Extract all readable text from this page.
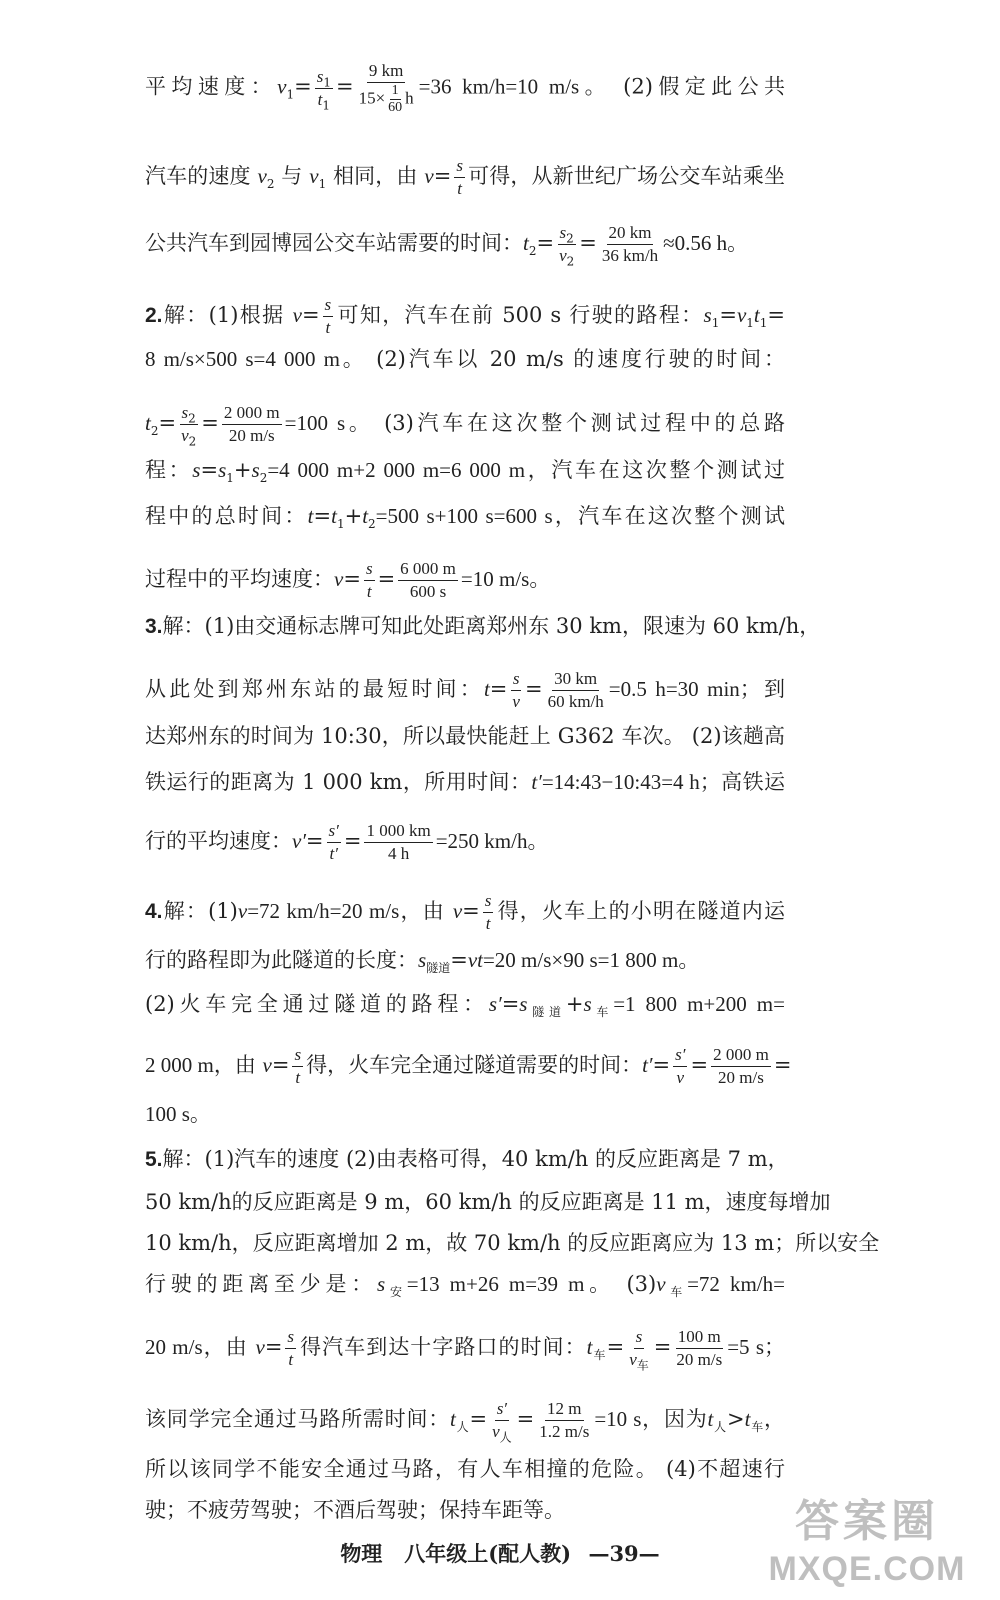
平均速度：$v_1= \frac{s_1}{t_1} = \frac{9 km}{15\times \frac{1}{60} h} =36$ km/h=10 m/s。 (2)假定此公共
汽车的速度 $v_2$ 与 $v_1$ 相同，由 $v= \frac{s}{t}$ 可得，从新世纪广场公交车站乘坐
公共汽车到园博园公交车站需要的时间：$t_2= \frac{s_2}{v_2} = \frac{20 km}{36 km/h} \approx 0.56$ h。
2.解：(1)根据 $v= \frac{s}{t}$ 可知，汽车在前 500 s 行驶的路程：$s_1=v_1t_1=$
8 m/s×500 s=4 000 m。 (2)汽车以 20 m/s 的速度行驶的时间：
$t_2= \frac{s_2}{v_2} = \frac{2 000 m}{20 m/s} =100$ s。 (3)汽车在这次整个测试过程中的总路
程：$s=s_1+s_2=4$ 000 m+2 000 m=6 000 m，汽车在这次整个测试过
程中的总时间：$t=t_1+t_2=500$ s+100 s=600 s，汽车在这次整个测试
过程中的平均速度：$v= \frac{s}{t} = \frac{6 000 m}{600 s} =10$ m/s。
3.解：(1)由交通标志牌可知此处距离郑州东 30 km，限速为 60 km/h，
从此处到郑州东站的最短时间：$t= \frac{s}{v} = \frac{30 km}{60 km/h} =0.5$ h=30 min；到
达郑州东的时间为 10:30，所以最快能赶上 G362 车次。 (2)该趟高
铁运行的距离为 1 000 km，所用时间：t′=14:43−10:43=4 h；高铁运
行的平均速度：$v'= \frac{s'}{t'} = \frac{1 000 km}{4 h} =250$ km/h。
4.解：(1)v=72 km/h=20 m/s，由 $v= \frac{s}{t}$ 得，火车上的小明在隧道内运
行的路程即为此隧道的长度：$s_{隧道}=vt=20$ m/s×90 s=1 800 m。
(2)火车完全通过隧道的路程：$s'=s_{隧道}+s_车=1$ 800 m+200 m=
2 000 m，由 $v= \frac{s}{t}$ 得，火车完全通过隧道需要的时间：$t'= \frac{s'}{v} = \frac{2 000 m}{20 m/s}$ =
100 s。
5.解：(1)汽车的速度 (2)由表格可得，40 km/h 的反应距离是 7 m，
50 km/h的反应距离是 9 m，60 km/h 的反应距离是 11 m，速度每增加
10 km/h，反应距离增加 2 m，故 70 km/h 的反应距离应为 13 m；所以安全
行驶的距离至少是：$s_安=13$ m+26 m=39 m。 $(3)v_车=72$ km/h=
20 m/s，由 $v= \frac{s}{t}$ 得汽车到达十字路口的时间：$t_车= \frac{s}{v_车} = \frac{100 m}{20 m/s} =5$ s；
该同学完全通过马路所需时间：$t_人= \frac{s'}{v_人} = \frac{12 m}{1.2 m/s} =10$ s，因为$t_人>t_车$，
所以该同学不能安全通过马路，有人车相撞的危险。 (4)不超速行
驶；不疲劳驾驶；不酒后驾驶；保持车距等。
物理 八年级上(配人教) —39—
答案圈
MXQE.COM
